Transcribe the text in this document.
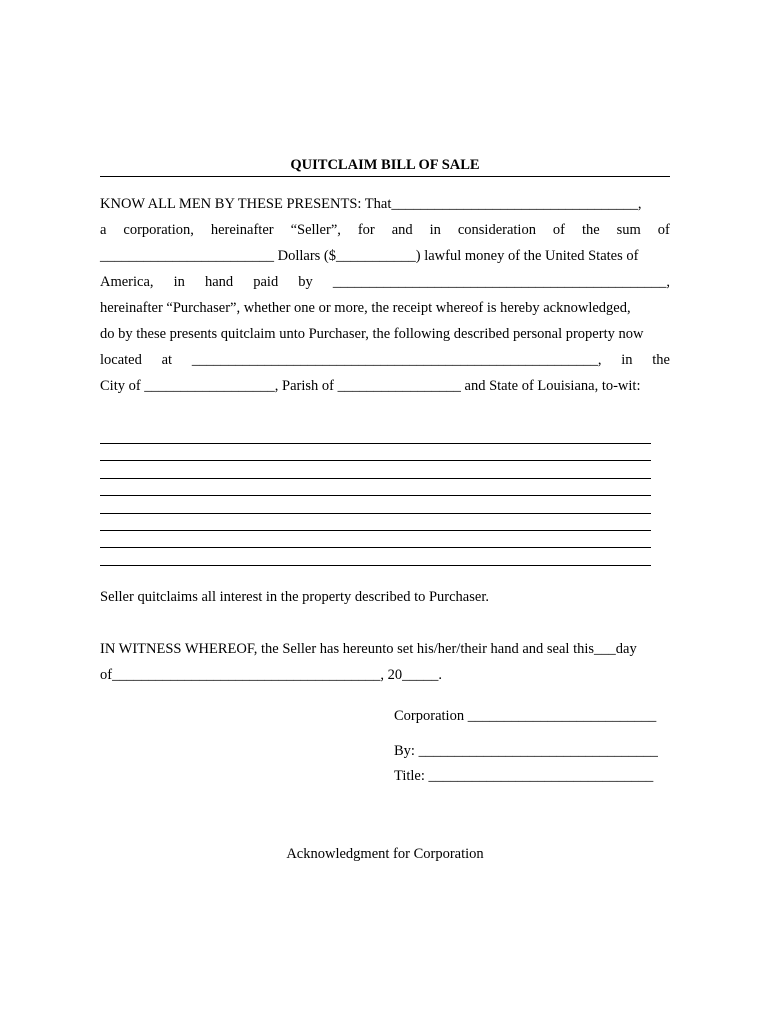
QUITCLAIM BILL OF SALE
KNOW ALL MEN BY THESE PRESENTS: That__________________________________,
a corporation, hereinafter “Seller”, for and in consideration of the sum of
________________________ Dollars ($___________) lawful money of the United States of
America, in hand paid by ______________________________________________,
hereinafter “Purchaser”, whether one or more, the receipt whereof is hereby acknowledged,
do by these presents quitclaim unto Purchaser, the following described personal property now
located at ________________________________________________________, in the
City of __________________, Parish of _________________ and State of Louisiana, to-wit:
Seller quitclaims all interest in the property described to Purchaser.
IN WITNESS WHEREOF, the Seller has hereunto set his/her/their hand and seal this___day
of_____________________________________, 20_____.
Corporation __________________________
By: _________________________________
Title: _______________________________
Acknowledgment for Corporation
